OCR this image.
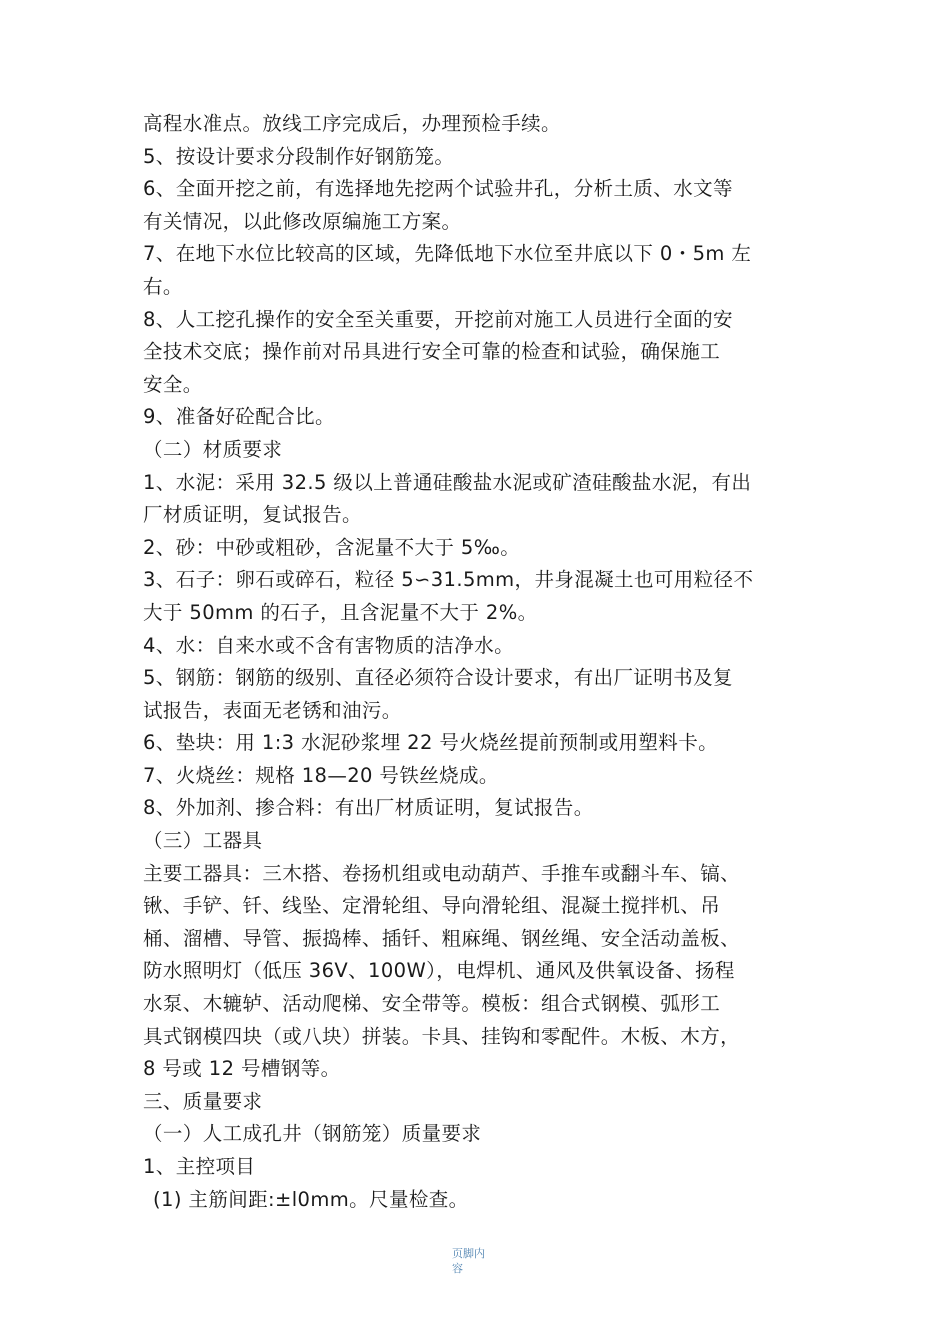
高程水准点。放线工序完成后，办理预检手续。
5、按设计要求分段制作好钢筋笼。
6、全面开挖之前，有选择地先挖两个试验井孔，分析土质、水文等
有关情况，以此修改原编施工方案。
7、在地下水位比较高的区域，先降低地下水位至井底以下 0・5m 左
右。
8、人工挖孔操作的安全至关重要，开挖前对施工人员进行全面的安
全技术交底；操作前对吊具进行安全可靠的检查和试验，确保施工
安全。
9、准备好砼配合比。
（二）材质要求
1、水泥：采用 32.5 级以上普通硅酸盐水泥或矿渣硅酸盐水泥，有出
厂材质证明，复试报告。
2、砂：中砂或粗砂，含泥量不大于 5‰。
3、石子：卵石或碎石，粒径 5∽31.5mm，井身混凝土也可用粒径不
大于 50mm 的石子，且含泥量不大于 2%。
4、水：自来水或不含有害物质的洁净水。
5、钢筋：钢筋的级别、直径必须符合设计要求，有出厂证明书及复
试报告，表面无老锈和油污。
6、垫块：用 1:3 水泥砂浆埋 22 号火烧丝提前预制或用塑料卡。
7、火烧丝：规格 18—20 号铁丝烧成。
8、外加剂、掺合料：有出厂材质证明，复试报告。
（三）工器具
主要工器具：三木搭、卷扬机组或电动葫芦、手推车或翻斗车、镐、
锹、手铲、钎、线坠、定滑轮组、导向滑轮组、混凝土搅拌机、吊
桶、溜槽、导管、振捣棒、插钎、粗麻绳、钢丝绳、安全活动盖板、
防水照明灯（低压 36V、100W），电焊机、通风及供氧设备、扬程
水泵、木辘轳、活动爬梯、安全带等。模板：组合式钢模、弧形工
具式钢模四块（或八块）拼装。卡具、挂钩和零配件。木板、木方，
8 号或 12 号槽钢等。
三、质量要求
（一）人工成孔井（钢筋笼）质量要求
1、主控项目
(1) 主筋间距:±l0mm。尺量检查。
页脚内
容
